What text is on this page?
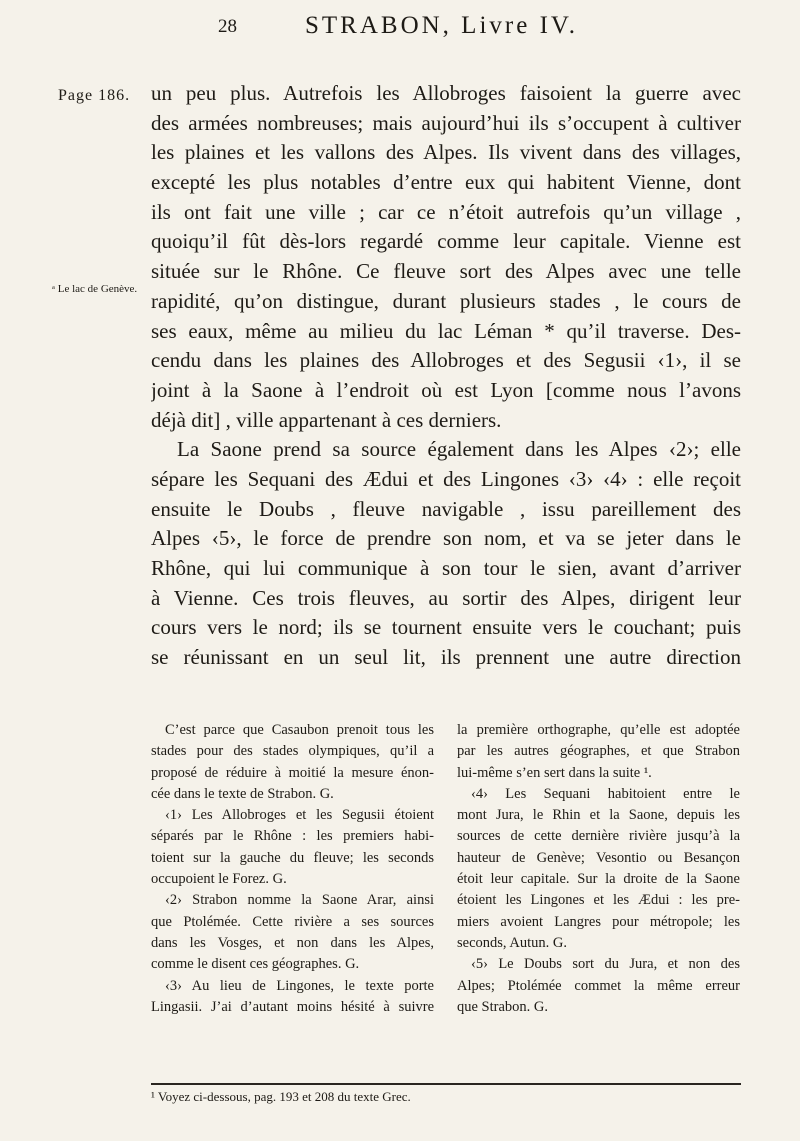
28	STRABON, Livre IV.
Page 186.
ᵃ Le lac de Genève.
un peu plus. Autrefois les Allobroges faisoient la guerre avec
des armées nombreuses; mais aujourd’hui ils s’occupent à cultiver
les plaines et les vallons des Alpes. Ils vivent dans des villages,
excepté les plus notables d’entre eux qui habitent Vienne, dont
ils ont fait une ville ; car ce n’étoit autrefois qu’un village ,
quoiqu’il fût dès-lors regardé comme leur capitale. Vienne est
située sur le Rhône. Ce fleuve sort des Alpes avec une telle
rapidité, qu’on distingue, durant plusieurs stades , le cours de
ses eaux, même au milieu du lac Léman * qu’il traverse. Des-
cendu dans les plaines des Allobroges et des Segusii ‹1›, il se
joint à la Saone à l’endroit où est Lyon [comme nous l’avons
déjà dit] , ville appartenant à ces derniers.
La Saone prend sa source également dans les Alpes ‹2›; elle
sépare les Sequani des Ædui et des Lingones ‹3› ‹4› : elle reçoit
ensuite le Doubs , fleuve navigable , issu pareillement des
Alpes ‹5›, le force de prendre son nom, et va se jeter dans le
Rhône, qui lui communique à son tour le sien, avant d’arriver
à Vienne. Ces trois fleuves, au sortir des Alpes, dirigent leur
cours vers le nord; ils se tournent ensuite vers le couchant; puis
se réunissant en un seul lit, ils prennent une autre direction
C’est parce que Casaubon prenoit tous les
stades pour des stades olympiques, qu’il a
proposé de réduire à moitié la mesure énon-
cée dans le texte de Strabon. G.
‹1› Les Allobroges et les Segusii étoient
séparés par le Rhône : les premiers habi-
toient sur la gauche du fleuve; les seconds
occupoient le Forez. G.
‹2› Strabon nomme la Saone Arar, ainsi
que Ptolémée. Cette rivière a ses sources
dans les Vosges, et non dans les Alpes,
comme le disent ces géographes. G.
‹3› Au lieu de Lingones, le texte porte
Lingasii. J’ai d’autant moins hésité à suivre
la première orthographe, qu’elle est adoptée
par les autres géographes, et que Strabon
lui-même s’en sert dans la suite ¹.
‹4› Les Sequani habitoient entre le
mont Jura, le Rhin et la Saone, depuis les
sources de cette dernière rivière jusqu’à la
hauteur de Genève; Vesontio ou Besançon
étoit leur capitale. Sur la droite de la Saone
étoient les Lingones et les Ædui : les pre-
miers avoient Langres pour métropole; les
seconds, Autun. G.
‹5› Le Doubs sort du Jura, et non des
Alpes; Ptolémée commet la même erreur
que Strabon. G.
¹ Voyez ci-dessous, pag. 193 et 208 du texte Grec.
